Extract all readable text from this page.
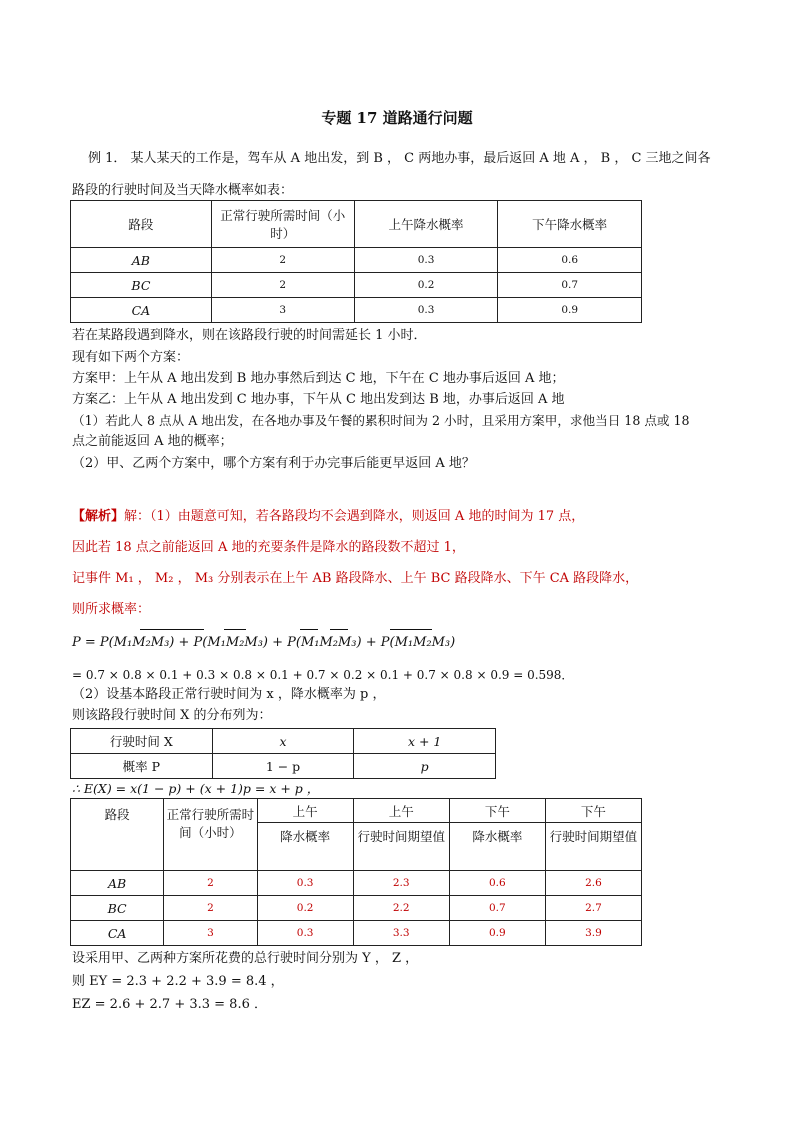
专题 17 道路通行问题
例 1． 某人某天的工作是，驾车从 A 地出发，到 B ， C 两地办事，最后返回 A 地 A ， B ， C 三地之间各
路段的行驶时间及当天降水概率如表：
路段	正常行驶所需时间（小时）	上午降水概率	下午降水概率
AB	2	0.3	0.6
BC	2	0.2	0.7
CA	3	0.3	0.9
若在某路段遇到降水，则在该路段行驶的时间需延长 1 小时．
现有如下两个方案：
方案甲：上午从 A 地出发到 B 地办事然后到达 C 地，下午在 C 地办事后返回 A 地；
方案乙：上午从 A 地出发到 C 地办事，下午从 C 地出发到达 B 地，办事后返回 A 地
（1）若此人 8 点从 A 地出发，在各地办事及午餐的累积时间为 2 小时，且采用方案甲，求他当日 18 点或 18
点之前能返回 A 地的概率；
（2）甲、乙两个方案中，哪个方案有利于办完事后能更早返回 A 地？
【解析】解：（1）由题意可知，若各路段均不会遇到降水，则返回 A 地的时间为 17 点，
因此若 18 点之前能返回 A 地的充要条件是降水的路段数不超过 1，
记事件 M₁ ， M₂ ， M₃ 分别表示在上午 AB 路段降水、上午 BC 路段降水、下午 CA 路段降水，
则所求概率：
P = P(M₁M₂M₃) + P(M₁M₂M₃) + P(M₁M₂M₃) + P(M₁M₂M₃)
= 0.7 × 0.8 × 0.1 + 0.3 × 0.8 × 0.1 + 0.7 × 0.2 × 0.1 + 0.7 × 0.8 × 0.9 = 0.598．
（2）设基本路段正常行驶时间为 x ，降水概率为 p ，
则该路段行驶时间 X 的分布列为：
行驶时间 X	x	x + 1
概率 P	1 − p	p
∴ E(X) = x(1 − p) + (x + 1)p = x + p ，
路段	正常行驶所需时间（小时）	上午	上午	下午	下午
		降水概率	行驶时间期望值	降水概率	行驶时间期望值
AB	2	0.3	2.3	0.6	2.6
BC	2	0.2	2.2	0.7	2.7
CA	3	0.3	3.3	0.9	3.9
设采用甲、乙两种方案所花费的总行驶时间分别为 Y ， Z ，
则 EY = 2.3 + 2.2 + 3.9 = 8.4 ，
EZ = 2.6 + 2.7 + 3.3 = 8.6 ．
